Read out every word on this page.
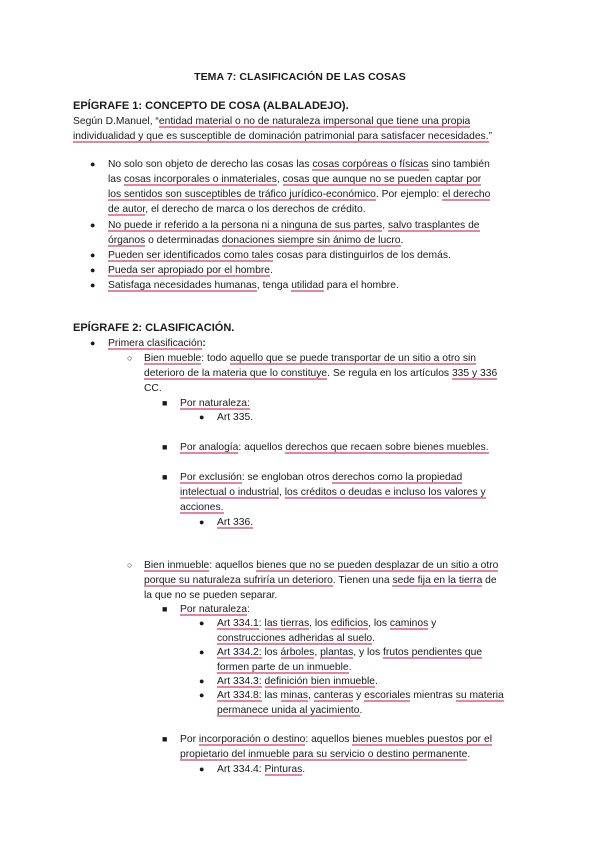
TEMA 7: CLASIFICACIÓN DE LAS COSAS
EPÍGRAFE 1: CONCEPTO DE COSA (ALBALADEJO).
Según D.Manuel, “entidad material o no de naturaleza impersonal que tiene una propia
individualidad y que es susceptible de dominación patrimonial para satisfacer necesidades.”
● No solo son objeto de derecho las cosas las cosas corpóreas o físicas sino también
las cosas incorporales o inmateriales, cosas que aunque no se pueden captar por
los sentidos son susceptibles de tráfico jurídico-económico. Por ejemplo: el derecho
de autor, el derecho de marca o los derechos de crédito.
● No puede ir referido a la persona ni a ninguna de sus partes, salvo trasplantes de
órganos o determinadas donaciones siempre sin ánimo de lucro.
● Pueden ser identificados como tales cosas para distinguirlos de los demás.
● Pueda ser apropiado por el hombre.
● Satisfaga necesidades humanas, tenga utilidad para el hombre.
EPÍGRAFE 2: CLASIFICACIÓN.
● Primera clasificación:
○ Bien mueble: todo aquello que se puede transportar de un sitio a otro sin
deterioro de la materia que lo constituye. Se regula en los artículos 335 y 336
CC.
■ Por naturaleza:
● Art 335.
■ Por analogía: aquellos derechos que recaen sobre bienes muebles.
■ Por exclusión: se engloban otros derechos como la propiedad
intelectual o industrial, los créditos o deudas e incluso los valores y
acciones.
● Art 336.
○ Bien inmueble: aquellos bienes que no se pueden desplazar de un sitio a otro
porque su naturaleza sufriría un deterioro. Tienen una sede fija en la tierra de
la que no se pueden separar.
■ Por naturaleza:
● Art 334.1: las tierras, los edificios, los caminos y
construcciones adheridas al suelo.
● Art 334.2: los árboles, plantas, y los frutos pendientes que
formen parte de un inmueble.
● Art 334.3: definición bien inmueble.
● Art 334.8: las minas, canteras y escoriales mientras su materia
permanece unida al yacimiento.
■ Por incorporación o destino: aquellos bienes muebles puestos por el
propietario del inmueble para su servicio o destino permanente.
● Art 334.4: Pinturas.
